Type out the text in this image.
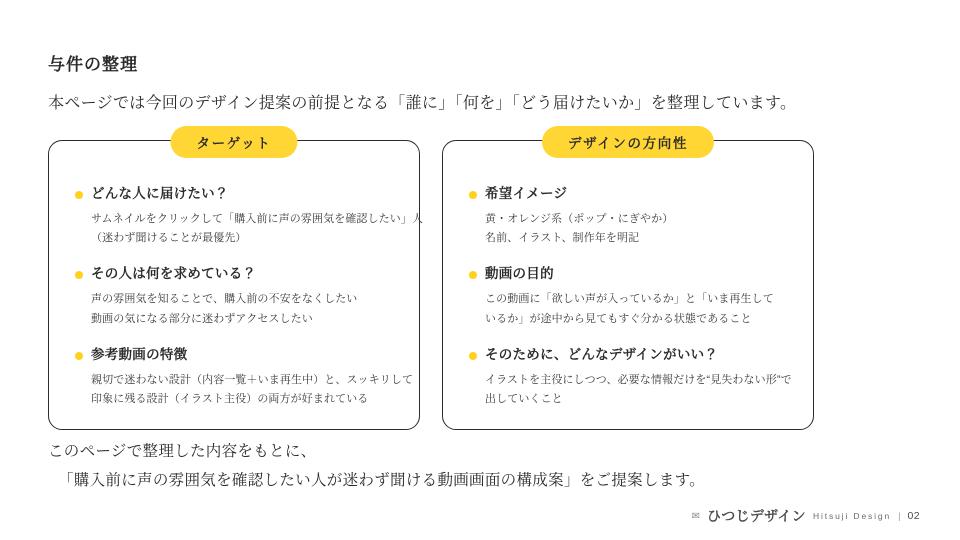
与件の整理
本ページでは今回のデザイン提案の前提となる「誰に」「何を」「どう届けたいか」を整理しています。
ターゲット
どんな人に届けたい？
サムネイルをクリックして「購入前に声の雰囲気を確認したい」人
（迷わず聞けることが最優先）
その人は何を求めている？
声の雰囲気を知ることで、購入前の不安をなくしたい
動画の気になる部分に迷わずアクセスしたい
参考動画の特徴
親切で迷わない設計（内容一覧＋いま再生中）と、スッキリして
印象に残る設計（イラスト主役）の両方が好まれている
デザインの方向性
希望イメージ
黄・オレンジ系（ポップ・にぎやか）
名前、イラスト、制作年を明記
動画の目的
この動画に「欲しい声が入っているか」と「いま再生して
いるか」が途中から見てもすぐ分かる状態であること
そのために、どんなデザインがいい？
イラストを主役にしつつ、必要な情報だけを“見失わない形”で
出していくこと
このページで整理した内容をもとに、
「購入前に声の雰囲気を確認したい人が迷わず聞ける動画画面の構成案」をご提案します。
✉ ひつじデザイン Hitsuji Design | 02
